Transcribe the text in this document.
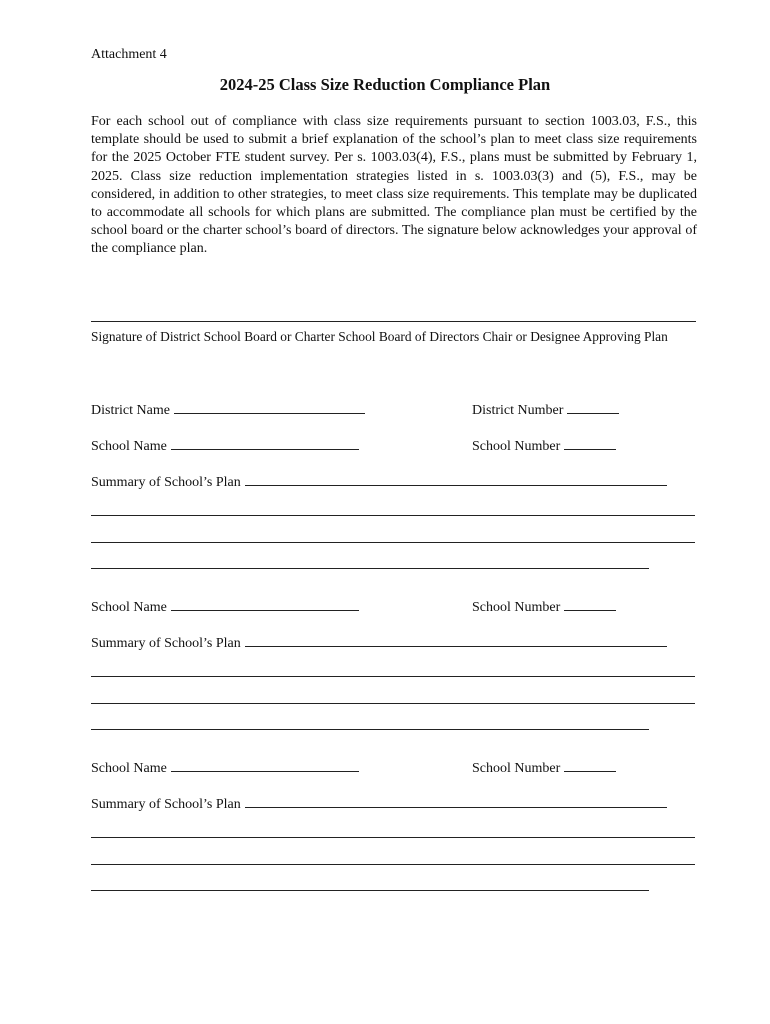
Attachment 4
2024-25 Class Size Reduction Compliance Plan
For each school out of compliance with class size requirements pursuant to section 1003.03, F.S., this template should be used to submit a brief explanation of the school’s plan to meet class size requirements for the 2025 October FTE student survey. Per s. 1003.03(4), F.S., plans must be submitted by February 1, 2025. Class size reduction implementation strategies listed in s. 1003.03(3) and (5), F.S., may be considered, in addition to other strategies, to meet class size requirements. This template may be duplicated to accommodate all schools for which plans are submitted. The compliance plan must be certified by the school board or the charter school’s board of directors. The signature below acknowledges your approval of the compliance plan.
Signature of District School Board or Charter School Board of Directors Chair or Designee Approving Plan
District Name	District Number
School Name	School Number
Summary of School’s Plan
School Name	School Number
Summary of School’s Plan
School Name	School Number
Summary of School’s Plan
